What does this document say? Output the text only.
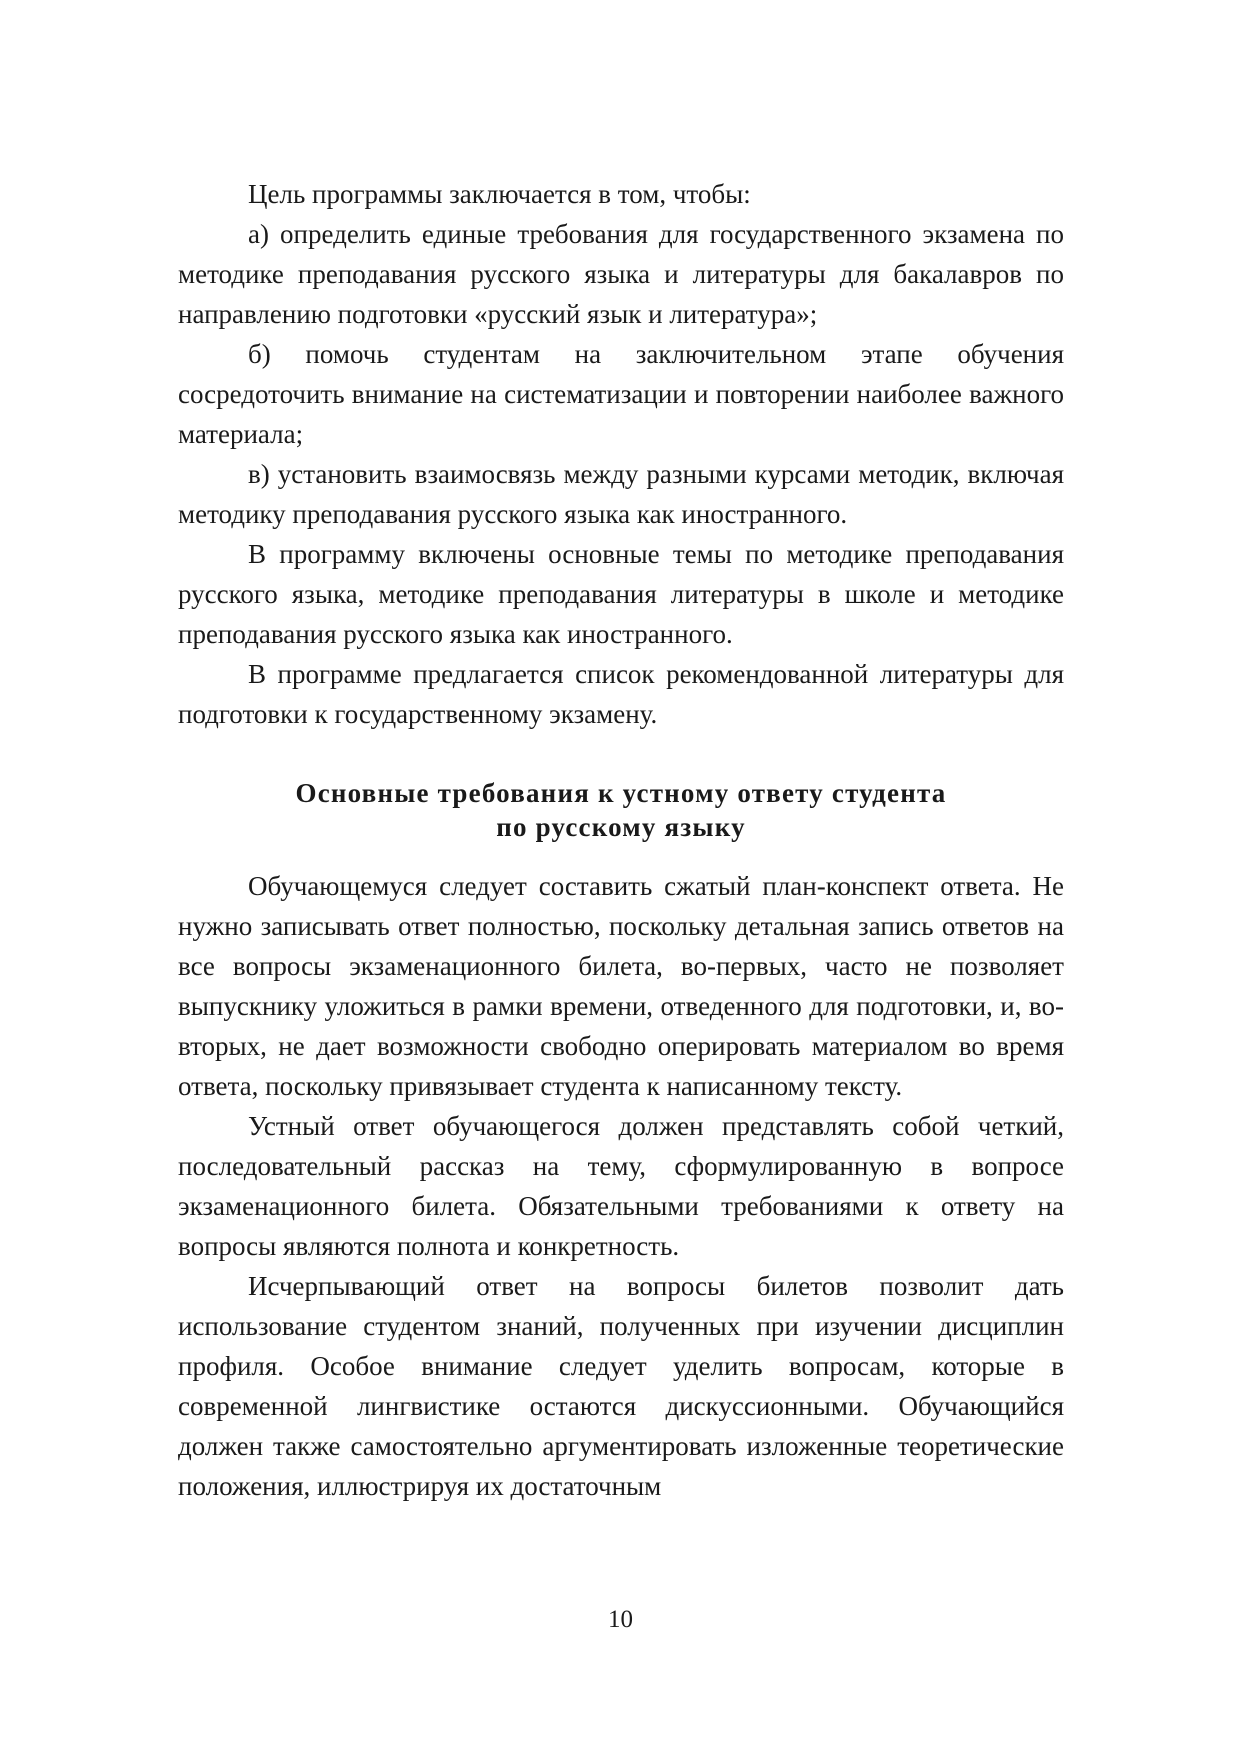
Цель программы заключается в том, чтобы:

а) определить единые требования для государственного экзамена по методике преподавания русского языка и литературы для бакалавров по направлению подготовки «русский язык и литература»;

б) помочь студентам на заключительном этапе обучения сосредоточить внимание на систематизации и повторении наиболее важного материала;

в) установить взаимосвязь между разными курсами методик, включая методику преподавания русского языка как иностранного.

В программу включены основные темы по методике преподавания русского языка, методике преподавания литературы в школе и методике преподавания русского языка как иностранного.

В программе предлагается список рекомендованной литературы для подготовки к государственному экзамену.

Основные требования к устному ответу студента
по русскому языку

Обучающемуся следует составить сжатый план-конспект ответа. Не нужно записывать ответ полностью, поскольку детальная запись ответов на все вопросы экзаменационного билета, во-первых, часто не позволяет выпускнику уложиться в рамки времени, отведенного для подготовки, и, во-вторых, не дает возможности свободно оперировать материалом во время ответа, поскольку привязывает студента к написанному тексту.

Устный ответ обучающегося должен представлять собой четкий, последовательный рассказ на тему, сформулированную в вопросе экзаменационного билета. Обязательными требованиями к ответу на вопросы являются полнота и конкретность.

Исчерпывающий ответ на вопросы билетов позволит дать использование студентом знаний, полученных при изучении дисциплин профиля. Особое внимание следует уделить вопросам, которые в современной лингвистике остаются дискуссионными. Обучающийся должен также самостоятельно аргументировать изложенные теоретические положения, иллюстрируя их достаточным

10
